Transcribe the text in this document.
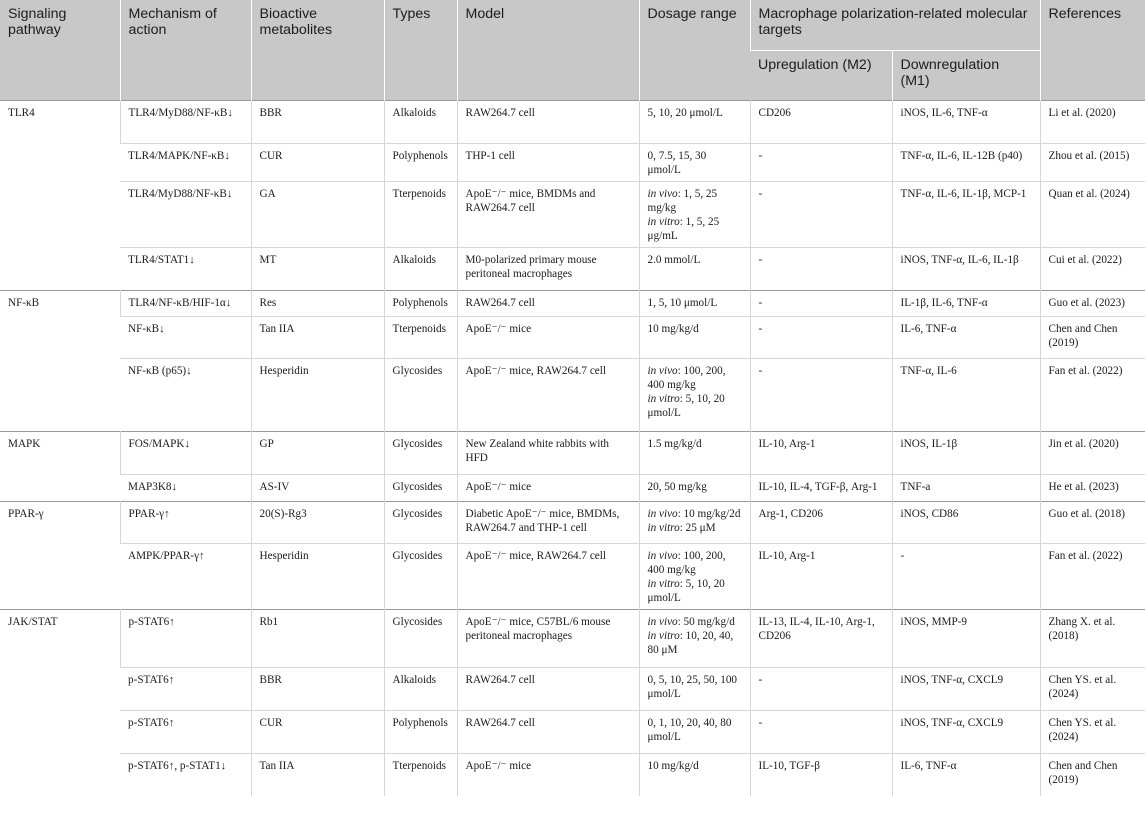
Signaling pathway	Mechanism of action	Bioactive metabolites	Types	Model	Dosage range	Macrophage polarization-related molecular targets		References
						Upregulation (M2)	Downregulation (M1)	
TLR4	TLR4/MyD88/NF-κB↓	BBR	Alkaloids	RAW264.7 cell	5, 10, 20 μmol/L	CD206	iNOS, IL-6, TNF-α	Li et al. (2020)
	TLR4/MAPK/NF-κB↓	CUR	Polyphenols	THP-1 cell	0, 7.5, 15, 30 μmol/L	-	TNF-α, IL-6, IL-12B (p40)	Zhou et al. (2015)
	TLR4/MyD88/NF-κB↓	GA	Tterpenoids	ApoE⁻/⁻ mice, BMDMs and RAW264.7 cell	in vivo: 1, 5, 25 mg/kg
in vitro: 1, 5, 25 μg/mL	-	TNF-α, IL-6, IL-1β, MCP-1	Quan et al. (2024)
	TLR4/STAT1↓	MT	Alkaloids	M0-polarized primary mouse peritoneal macrophages	2.0 mmol/L	-	iNOS, TNF-α, IL-6, IL-1β	Cui et al. (2022)
NF-κB	TLR4/NF-κB/HIF-1α↓	Res	Polyphenols	RAW264.7 cell	1, 5, 10 μmol/L	-	IL-1β, IL-6, TNF-α	Guo et al. (2023)
	NF-κB↓	Tan IIA	Tterpenoids	ApoE⁻/⁻ mice	10 mg/kg/d	-	IL-6, TNF-α	Chen and Chen (2019)
	NF-κB (p65)↓	Hesperidin	Glycosides	ApoE⁻/⁻ mice, RAW264.7 cell	in vivo: 100, 200, 400 mg/kg
in vitro: 5, 10, 20 μmol/L	-	TNF-α, IL-6	Fan et al. (2022)
MAPK	FOS/MAPK↓	GP	Glycosides	New Zealand white rabbits with HFD	1.5 mg/kg/d	IL-10, Arg-1	iNOS, IL-1β	Jin et al. (2020)
	MAP3K8↓	AS-IV	Glycosides	ApoE⁻/⁻ mice	20, 50 mg/kg	IL-10, IL-4, TGF-β, Arg-1	TNF-a	He et al. (2023)
PPAR-γ	PPAR-γ↑	20(S)-Rg3	Glycosides	Diabetic ApoE⁻/⁻ mice, BMDMs, RAW264.7 and THP-1 cell	in vivo: 10 mg/kg/2d
in vitro: 25 μM	Arg-1, CD206	iNOS, CD86	Guo et al. (2018)
	AMPK/PPAR-γ↑	Hesperidin	Glycosides	ApoE⁻/⁻ mice, RAW264.7 cell	in vivo: 100, 200, 400 mg/kg
in vitro: 5, 10, 20 μmol/L	IL-10, Arg-1	-	Fan et al. (2022)
JAK/STAT	p-STAT6↑	Rb1	Glycosides	ApoE⁻/⁻ mice, C57BL/6 mouse peritoneal macrophages	in vivo: 50 mg/kg/d
in vitro: 10, 20, 40, 80 μM	IL-13, IL-4, IL-10, Arg-1, CD206	iNOS, MMP-9	Zhang X. et al. (2018)
	p-STAT6↑	BBR	Alkaloids	RAW264.7 cell	0, 5, 10, 25, 50, 100 μmol/L	-	iNOS, TNF-α, CXCL9	Chen YS. et al. (2024)
	p-STAT6↑	CUR	Polyphenols	RAW264.7 cell	0, 1, 10, 20, 40, 80 μmol/L	-	iNOS, TNF-α, CXCL9	Chen YS. et al. (2024)
	p-STAT6↑, p-STAT1↓	Tan IIA	Tterpenoids	ApoE⁻/⁻ mice	10 mg/kg/d	IL-10, TGF-β	IL-6, TNF-α	Chen and Chen (2019)
